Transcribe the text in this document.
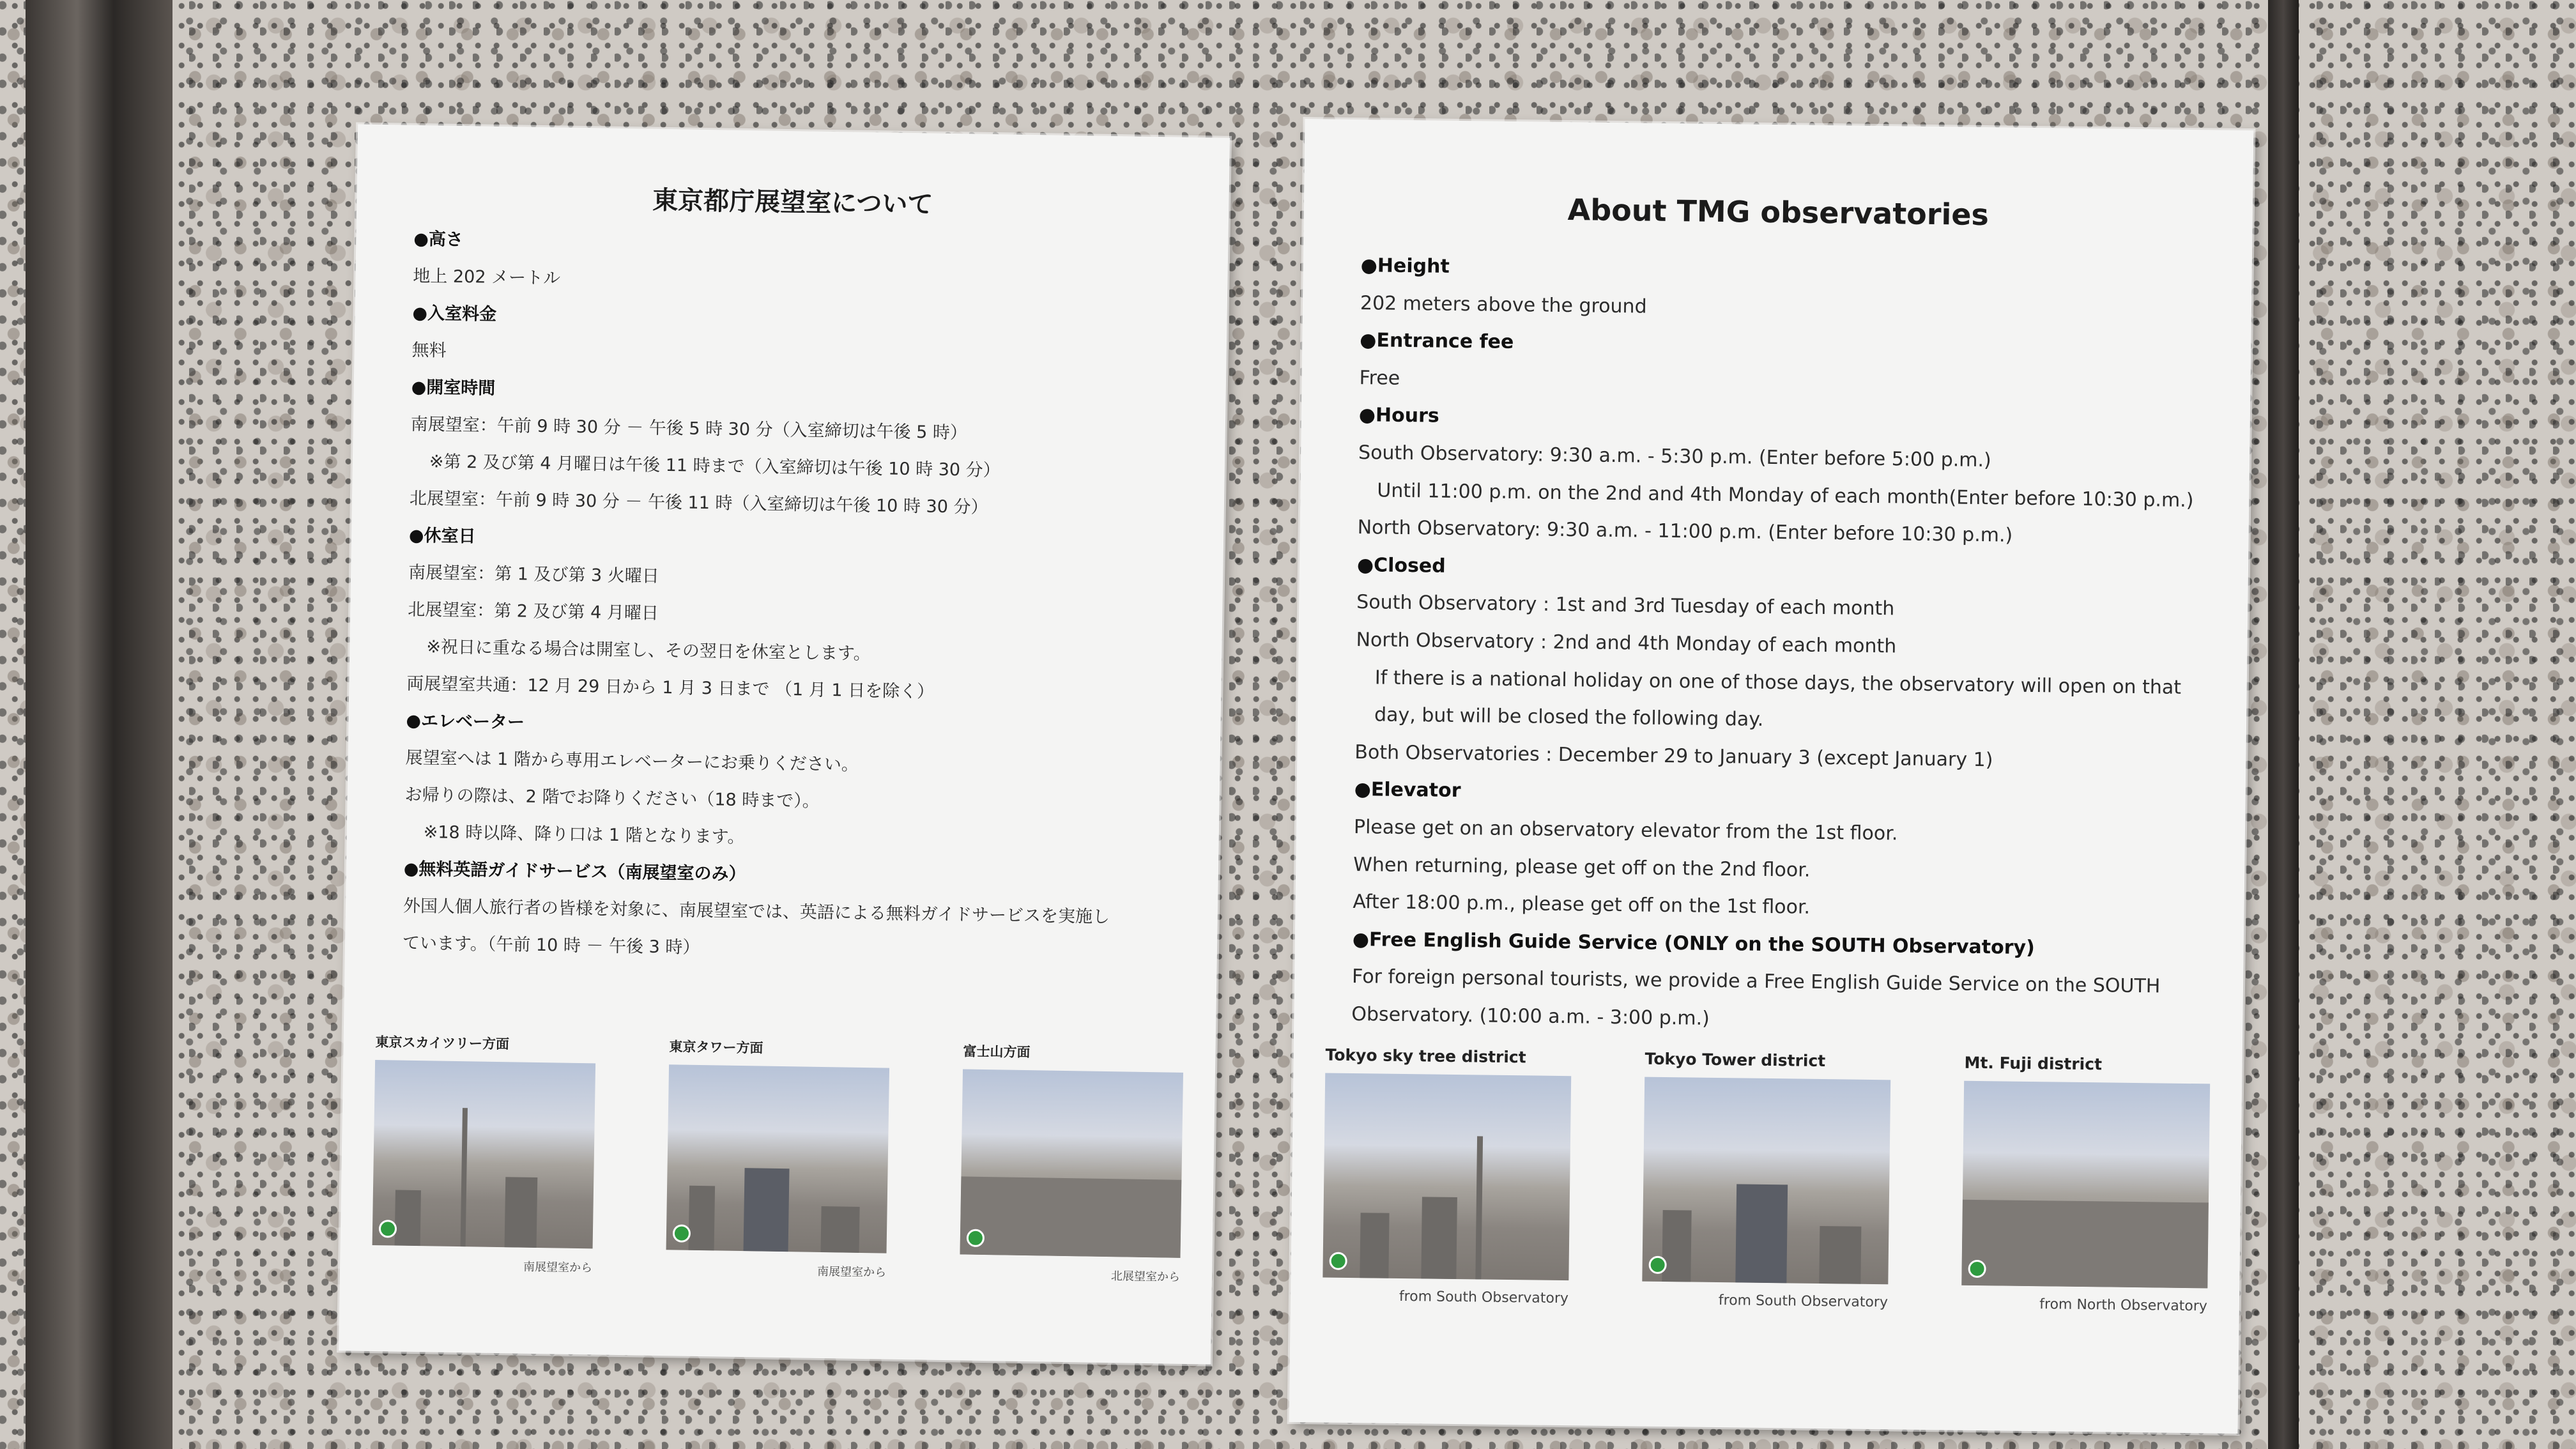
東京都庁展望室について

●高さ

地上 202 メートル

●入室料金

無料

●開室時間

南展望室：午前 9 時 30 分 － 午後 5 時 30 分（入室締切は午後 5 時）

※第 2 及び第 4 月曜日は午後 11 時まで（入室締切は午後 10 時 30 分）

北展望室：午前 9 時 30 分 － 午後 11 時（入室締切は午後 10 時 30 分）

●休室日

南展望室：第 1 及び第 3 火曜日

北展望室：第 2 及び第 4 月曜日

※祝日に重なる場合は開室し、その翌日を休室とします。

両展望室共通：12 月 29 日から 1 月 3 日まで （1 月 1 日を除く）

●エレベーター

展望室へは 1 階から専用エレベーターにお乗りください。

お帰りの際は、2 階でお降りください（18 時まで）。

※18 時以降、降り口は 1 階となります。

●無料英語ガイドサービス（南展望室のみ）

外国人個人旅行者の皆様を対象に、南展望室では、英語による無料ガイドサービスを実施し

ています。（午前 10 時 － 午後 3 時）

東京スカイツリー方面
南展望室から
東京タワー方面
南展望室から
富士山方面
北展望室から
About TMG observatories

●Height

202 meters above the ground

●Entrance fee

Free

●Hours

South Observatory: 9:30 a.m. - 5:30 p.m. (Enter before 5:00 p.m.)

Until 11:00 p.m. on the 2nd and 4th Monday of each month(Enter before 10:30 p.m.)

North Observatory: 9:30 a.m. - 11:00 p.m. (Enter before 10:30 p.m.)

●Closed

South Observatory : 1st and 3rd Tuesday of each month

North Observatory : 2nd and 4th Monday of each month

If there is a national holiday on one of those days, the observatory will open on that

day, but will be closed the following day.

Both Observatories : December 29 to January 3 (except January 1)

●Elevator

Please get on an observatory elevator from the 1st floor.

When returning, please get off on the 2nd floor.

After 18:00 p.m., please get off on the 1st floor.

●Free English Guide Service (ONLY on the SOUTH Observatory)

For foreign personal tourists, we provide a Free English Guide Service on the SOUTH

Observatory. (10:00 a.m. - 3:00 p.m.)

Tokyo sky tree district
from South Observatory
Tokyo Tower district
from South Observatory
Mt. Fuji district
from North Observatory
